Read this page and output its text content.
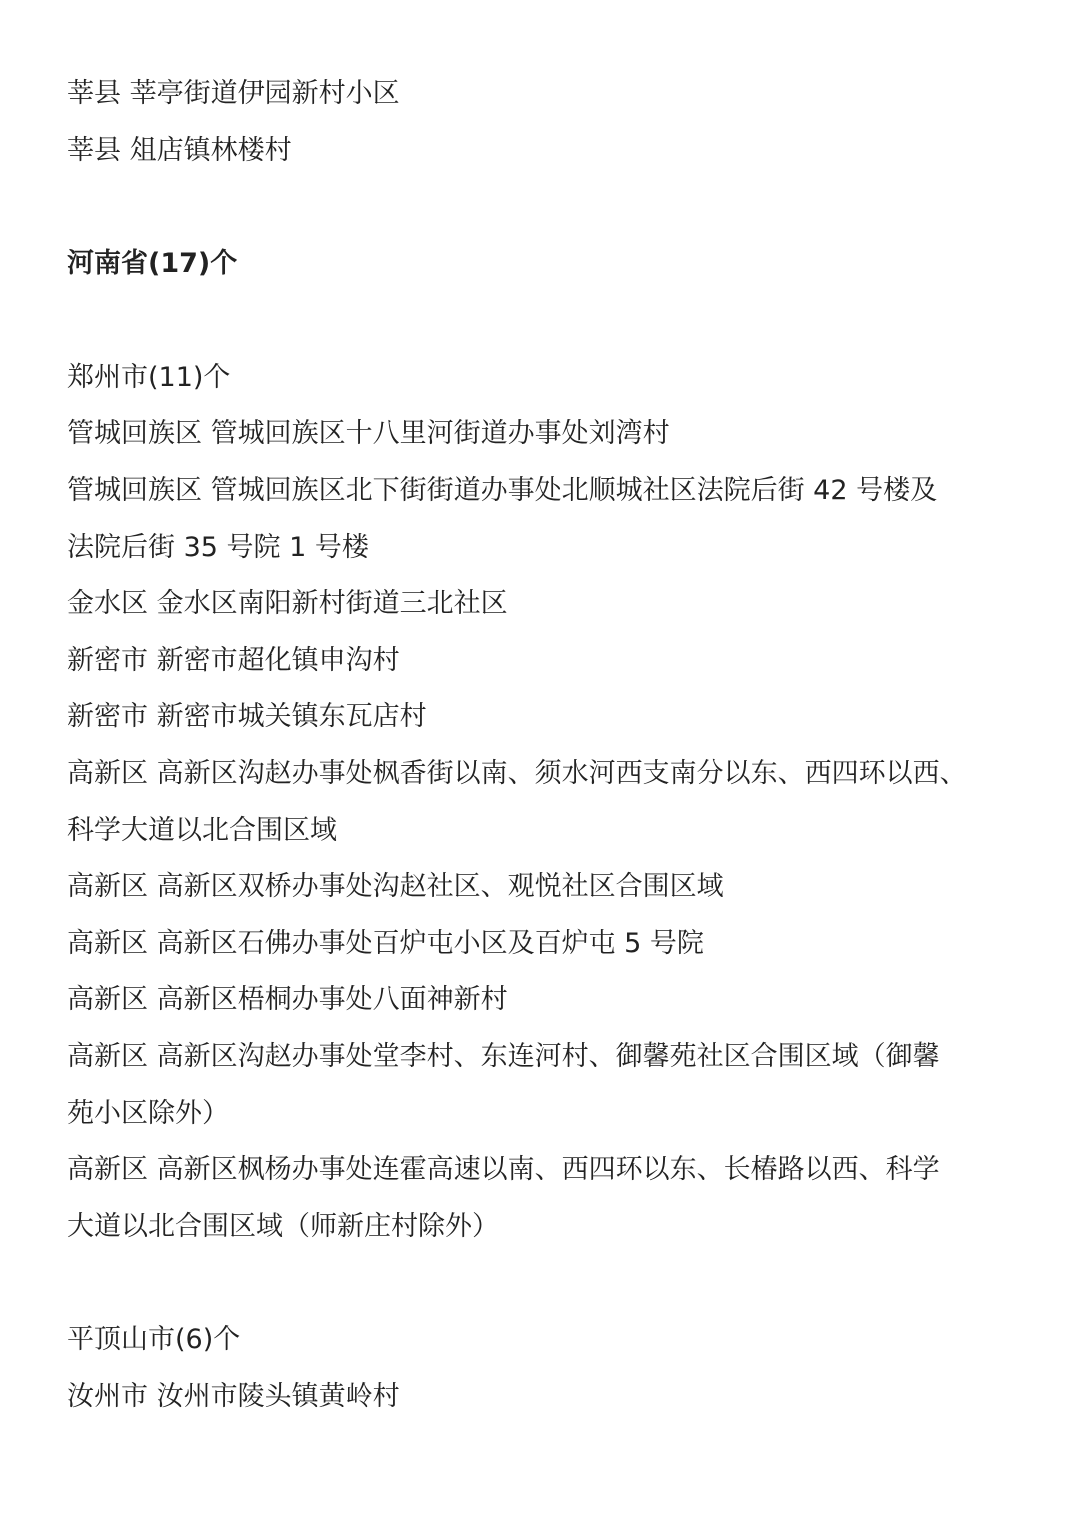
莘县 莘亭街道伊园新村小区

莘县 俎店镇林楼村

河南省(17)个

郑州市(11)个

管城回族区 管城回族区十八里河街道办事处刘湾村

管城回族区 管城回族区北下街街道办事处北顺城社区法院后街 42 号楼及

法院后街 35 号院 1 号楼

金水区 金水区南阳新村街道三北社区

新密市 新密市超化镇申沟村

新密市 新密市城关镇东瓦店村

高新区 高新区沟赵办事处枫香街以南、须水河西支南分以东、西四环以西、

科学大道以北合围区域

高新区 高新区双桥办事处沟赵社区、观悦社区合围区域

高新区 高新区石佛办事处百炉屯小区及百炉屯 5 号院

高新区 高新区梧桐办事处八面神新村

高新区 高新区沟赵办事处堂李村、东连河村、御馨苑社区合围区域（御馨

苑小区除外）

高新区 高新区枫杨办事处连霍高速以南、西四环以东、长椿路以西、科学

大道以北合围区域（师新庄村除外）

平顶山市(6)个

汝州市 汝州市陵头镇黄岭村
